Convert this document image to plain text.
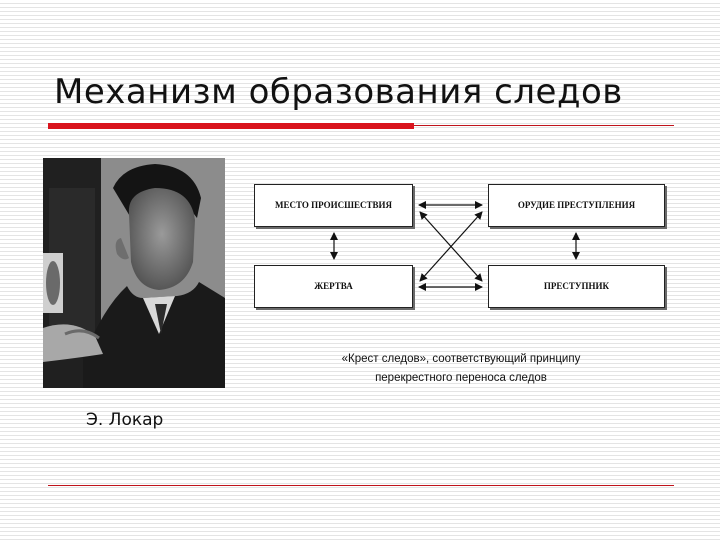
Механизм образования следов

Э. Локар

МЕСТО ПРОИСШЕСТВИЯ	ОРУДИЕ ПРЕСТУПЛЕНИЯ
ЖЕРТВА	ПРЕСТУПНИК
«Крест следов», соответствующий принципу
перекрестного переноса следов
